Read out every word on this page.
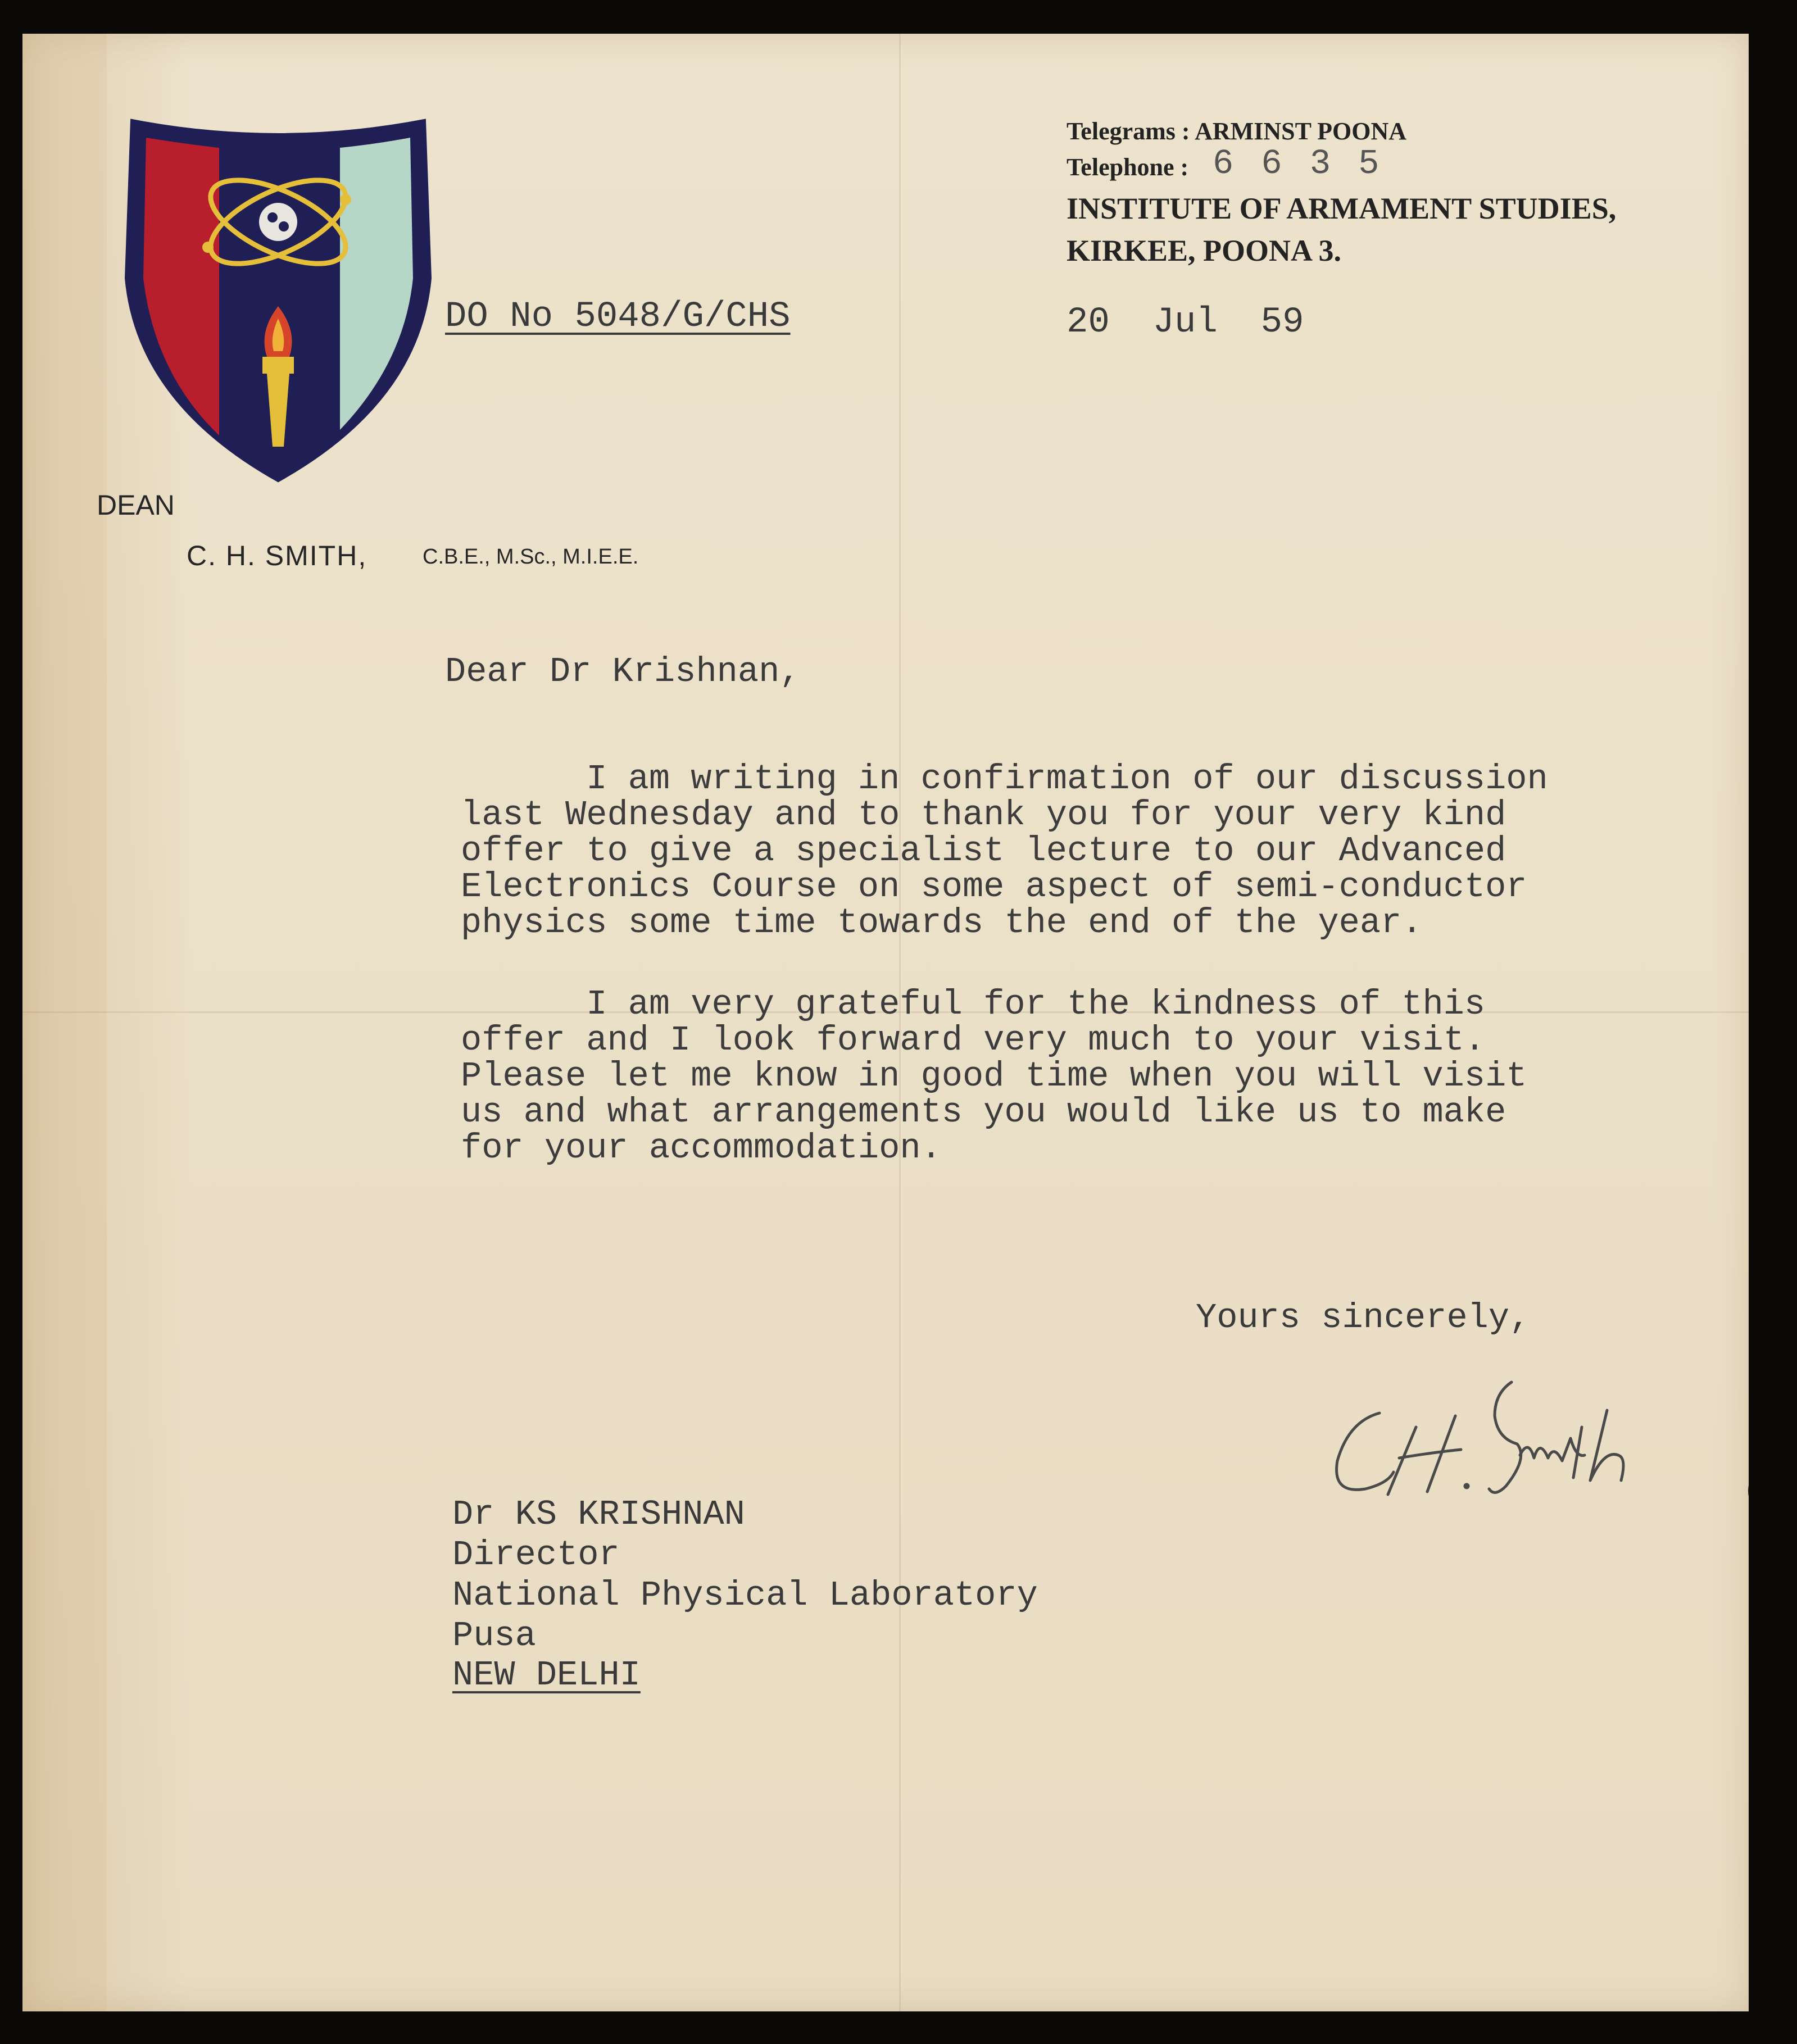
Telegrams : ARMINST POONA
Telephone : 6 6 3 5
INSTITUTE OF ARMAMENT STUDIES,
KIRKEE, POONA 3.
DO No 5048/G/CHS	20  Jul  59
DEAN
C. H. SMITH,	C.B.E., M.Sc., M.I.E.E.
Dear Dr Krishnan,
I am writing in confirmation of our discussion
last Wednesday and to thank you for your very kind
offer to give a specialist lecture to our Advanced
Electronics Course on some aspect of semi-conductor
physics some time towards the end of the year.
I am very grateful for the kindness of this
offer and I look forward very much to your visit.
Please let me know in good time when you will visit
us and what arrangements you would like us to make
for your accommodation.
Yours sincerely,
Dr KS KRISHNAN
Director
National Physical Laboratory
Pusa
NEW DELHI
